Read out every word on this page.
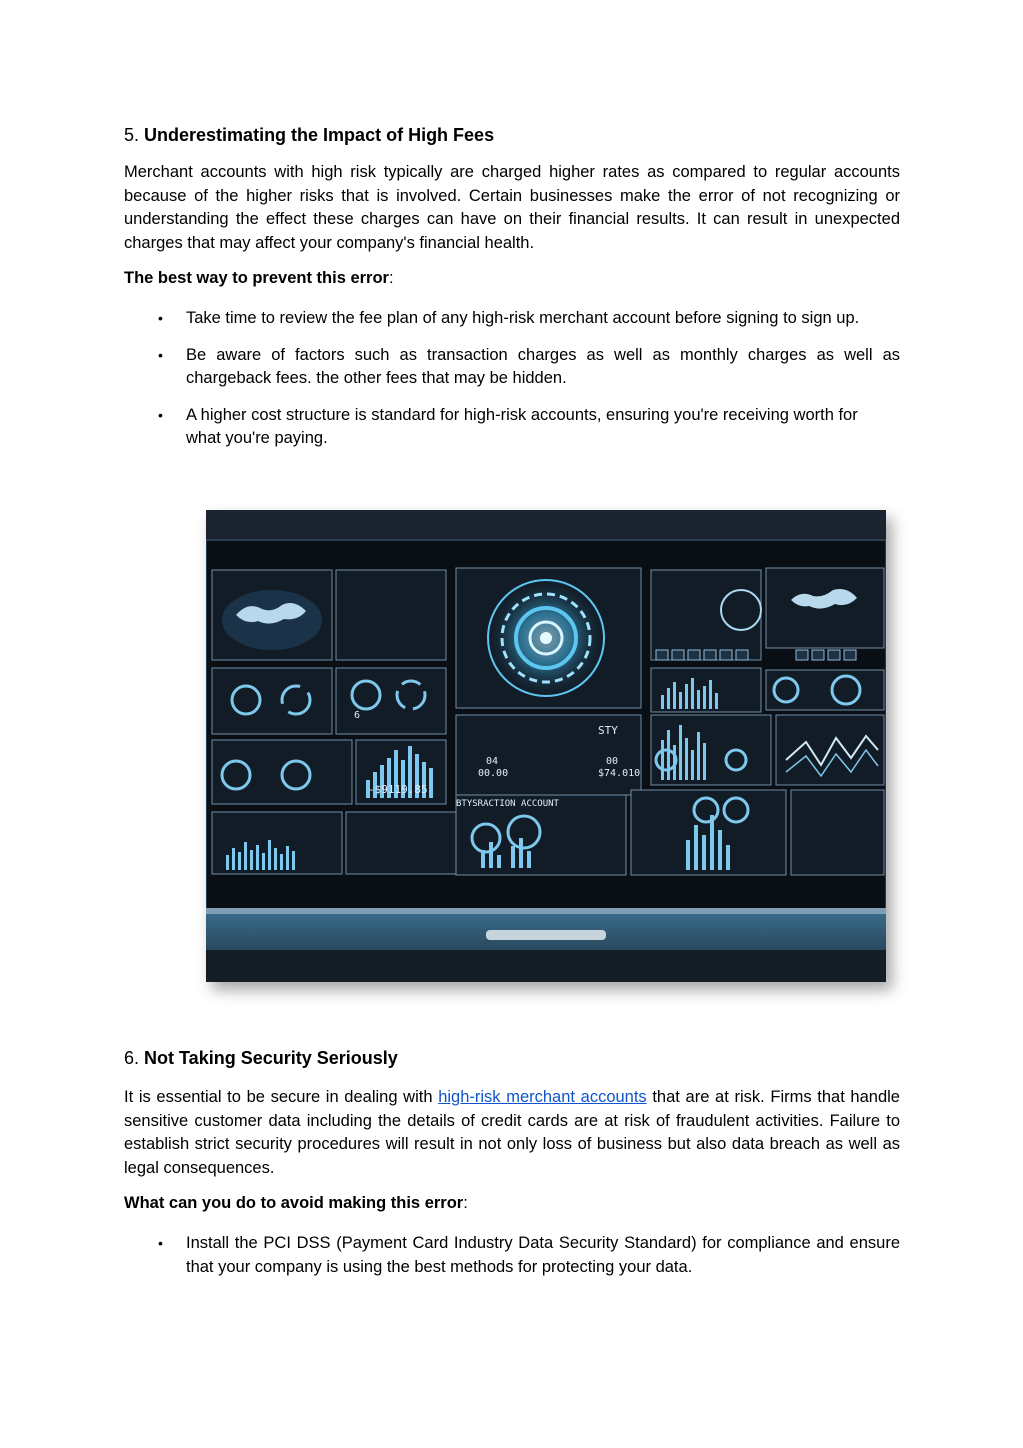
5. Underestimating the Impact of High Fees

Merchant accounts with high risk typically are charged higher rates as compared to regular accounts because of the higher risks that is involved. Certain businesses make the error of not recognizing or understanding the effect these charges can have on their financial results. It can result in unexpected charges that may affect your company's financial health.

The best way to prevent this error:

• Take time to review the fee plan of any high-risk merchant account before signing to sign up.
• Be aware of factors such as transaction charges as well as monthly charges as well as chargeback fees. the other fees that may be hidden.
• A higher cost structure is standard for high-risk accounts, ensuring you're receiving worth for what you're paying.
-$9119.85
BTYSRACTION ACCOUNT
STY
04
00.00
00
$74.010
6
6. Not Taking Security Seriously

It is essential to be secure in dealing with high-risk merchant accounts that are at risk. Firms that handle sensitive customer data including the details of credit cards are at risk of fraudulent activities. Failure to establish strict security procedures will result in not only loss of business but also data breach as well as legal consequences.

What can you do to avoid making this error:

• Install the PCI DSS (Payment Card Industry Data Security Standard) for compliance and ensure that your company is using the best methods for protecting your data.
